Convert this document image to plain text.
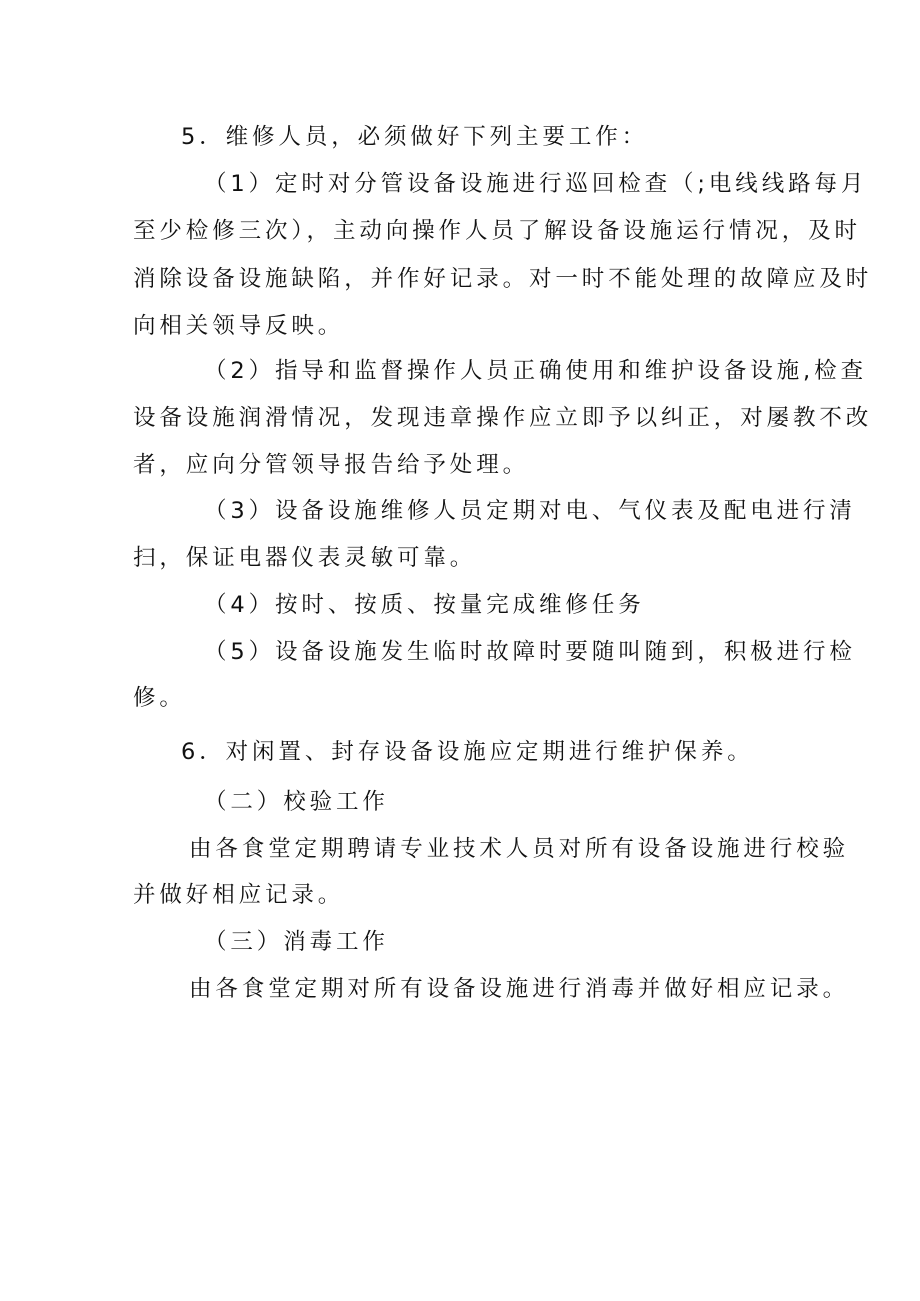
5．维修人员，必须做好下列主要工作：
（1）定时对分管设备设施进行巡回检查（;电线线路每月
至少检修三次），主动向操作人员了解设备设施运行情况，及时
消除设备设施缺陷，并作好记录。对一时不能处理的故障应及时
向相关领导反映。
（2）指导和监督操作人员正确使用和维护设备设施,检查
设备设施润滑情况，发现违章操作应立即予以纠正，对屡教不改
者，应向分管领导报告给予处理。
（3）设备设施维修人员定期对电、气仪表及配电进行清
扫，保证电器仪表灵敏可靠。
（4）按时、按质、按量完成维修任务
（5）设备设施发生临时故障时要随叫随到，积极进行检
修。
6．对闲置、封存设备设施应定期进行维护保养。
（二）校验工作
由各食堂定期聘请专业技术人员对所有设备设施进行校验
并做好相应记录。
（三）消毒工作
由各食堂定期对所有设备设施进行消毒并做好相应记录。
